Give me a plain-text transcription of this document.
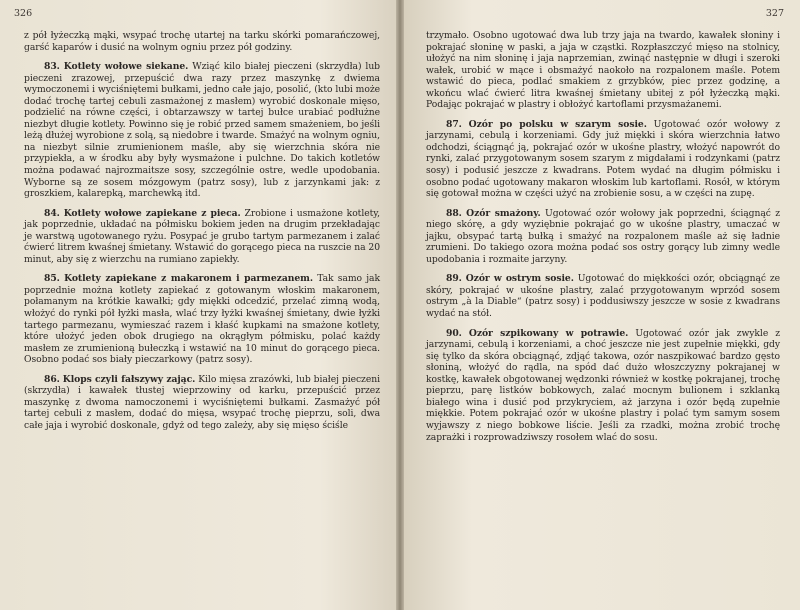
326

z pół łyżeczką mąki, wsypać trochę utartej na tarku skórki pomarańczowej, garść kaparów i dusić na wolnym ogniu przez pół godziny.

83. Kotlety wołowe siekane. Wziąć kilo białej pieczeni (skrzydła) lub pieczeni zrazowej, przepuścić dwa razy przez maszynkę z dwiema wymoczonemi i wyciśniętemi bułkami, jedno całe jajo, posolić, (kto lubi może dodać trochę tartej cebuli zasmażonej z masłem) wyrobić doskonale mięso, podzielić na równe części, i obtarzawszy w tartej bułce urabiać podłużne niezbyt długie kotlety. Powinno się je robić przed samem smażeniem, bo jeśli leżą dłużej wyrobione z solą, są niedobre i twarde. Smażyć na wolnym ogniu, na niezbyt silnie zrumienionem maśle, aby się wierzchnia skóra nie przypiekła, a w środku aby były wysmażone i pulchne. Do takich kotletów można podawać najrozmaitsze sosy, szczególnie ostre, wedle upodobania. Wyborne są ze sosem mózgowym (patrz sosy), lub z jarzynkami jak: z groszkiem, kalarepką, marchewką itd.

84. Kotlety wołowe zapiekane z pieca. Zrobione i usmażone kotlety, jak poprzednie, układać na półmisku bokiem jeden na drugim przekładając je warstwą ugotowanego ryżu. Posypać je grubo tartym parmezanem i zalać ćwierć litrem kwaśnej śmietany. Wstawić do gorącego pieca na ruszcie na 20 minut, aby się z wierzchu na rumiano zapiekły.

85. Kotlety zapiekane z makaronem i parmezanem. Tak samo jak poprzednie można kotlety zapiekać z gotowanym włoskim makaronem, połamanym na krótkie kawałki; gdy miękki odcedzić, przelać zimną wodą, włożyć do rynki pół łyżki masła, wlać trzy łyżki kwaśnej śmietany, dwie łyżki tartego parmezanu, wymieszać razem i kłaść kupkami na smażone kotlety, które ułożyć jeden obok drugiego na okrągłym półmisku, polać każdy masłem ze zrumienioną bułeczką i wstawić na 10 minut do gorącego pieca. Osobno podać sos biały pieczarkowy (patrz sosy).

86. Klops czyli fałszywy zając. Kilo mięsa zrazówki, lub białej pieczeni (skrzydła) i kawałek tłustej wieprzowiny od karku, przepuścić przez maszynkę z dwoma namoczonemi i wyciśniętemi bułkami. Zasmażyć pół tartej cebuli z masłem, dodać do mięsa, wsypać trochę pieprzu, soli, dwa całe jaja i wyrobić doskonale, gdyż od tego zależy, aby się mięso ściśle

327

trzymało. Osobno ugotować dwa lub trzy jaja na twardo, kawałek słoniny i pokrajać słoninę w paski, a jaja w cząstki. Rozpłaszczyć mięso na stolnicy, ułożyć na nim słoninę i jaja naprzemian, zwinąć następnie w długi i szeroki wałek, urobić w mące i obsmażyć naokoło na rozpalonem maśle. Potem wstawić do pieca, podlać smakiem z grzybków, piec przez godzinę, a wkońcu wlać ćwierć litra kwaśnej śmietany ubitej z pół łyżeczką mąki. Podając pokrajać w plastry i obłożyć kartoflami przysmażanemi.

87. Ozór po polsku w szarym sosie. Ugotować ozór wołowy z jarzynami, cebulą i korzeniami. Gdy już miękki i skóra wierzchnia łatwo odchodzi, ściągnąć ją, pokrajać ozór w ukośne plastry, włożyć napowrót do rynki, zalać przygotowanym sosem szarym z migdałami i rodzynkami (patrz sosy) i podusić jeszcze z kwadrans. Potem wydać na długim półmisku i osobno podać ugotowany makaron włoskim lub kartoflami. Rosół, w którym się gotował można w części użyć na zrobienie sosu, a w części na zupę.

88. Ozór smażony. Ugotować ozór wołowy jak poprzedni, ściągnąć z niego skórę, a gdy wyziębnie pokrajać go w ukośne plastry, umaczać w jajku, obsypać tartą bułką i smażyć na rozpalonem maśle aż się ładnie zrumieni. Do takiego ozora można podać sos ostry gorący lub zimny wedle upodobania i rozmaite jarzyny.

89. Ozór w ostrym sosie. Ugotować do miękkości ozór, obciągnąć ze skóry, pokrajać w ukośne plastry, zalać przygotowanym wprzód sosem ostrym „à la Diable“ (patrz sosy) i poddusiwszy jeszcze w sosie z kwadrans wydać na stół.

90. Ozór szpikowany w potrawie. Ugotować ozór jak zwykle z jarzynami, cebulą i korzeniami, a choć jeszcze nie jest zupełnie miękki, gdy się tylko da skóra obciągnąć, zdjąć takowa, ozór naszpikować bardzo gęsto słoniną, włożyć do rądla, na spód dać dużo włoszczyzny pokrajanej w kostkę, kawałek obgotowanej wędzonki również w kostkę pokrajanej, trochę pieprzu, parę listków bobkowych, zalać mocnym bulionem i szklanką białego wina i dusić pod przykryciem, aż jarzyna i ozór będą zupełnie miękkie. Potem pokrajać ozór w ukośne plastry i polać tym samym sosem wyjawszy z niego bobkowe liście. Jeśli za rzadki, można zrobić trochę zaprażki i rozprowadziwszy rosołem wlać do sosu.
